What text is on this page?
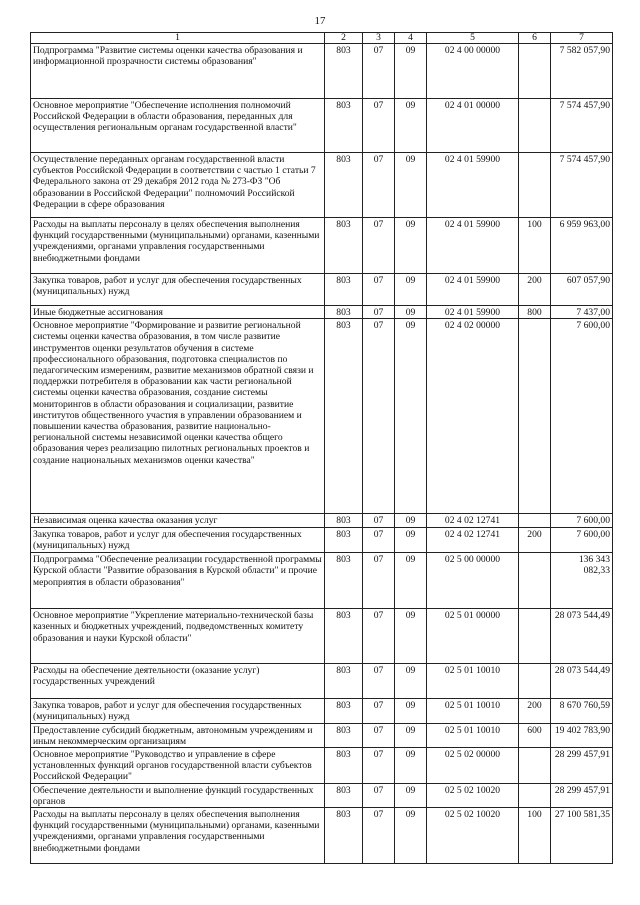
17
1	2	3	4	5	6	7
Подпрограмма "Развитие системы оценки качества образования и информационной прозрачности системы образования"	803	07	09	02 4 00 00000		7 582 057,90
Основное мероприятие "Обеспечение исполнения полномочий Российской Федерации в области образования, переданных для осуществления региональным органам государственной власти"	803	07	09	02 4 01 00000		7 574 457,90
Осуществление переданных органам государственной власти субъектов Российской Федерации в соответствии с частью 1 статьи 7 Федерального закона от 29 декабря 2012 года № 273-ФЗ "Об образовании в Российской Федерации" полномочий Российской Федерации в сфере образования	803	07	09	02 4 01 59900		7 574 457,90
Расходы на выплаты персоналу в целях обеспечения выполнения функций государственными (муниципальными) органами, казенными учреждениями, органами управления государственными внебюджетными фондами	803	07	09	02 4 01 59900	100	6 959 963,00
Закупка товаров, работ и услуг для обеспечения государственных (муниципальных) нужд	803	07	09	02 4 01 59900	200	607 057,90
Иные бюджетные ассигнования	803	07	09	02 4 01 59900	800	7 437,00
Основное мероприятие "Формирование и развитие региональной системы оценки качества образования, в том числе развитие инструментов оценки результатов обучения в системе профессионального образования, подготовка специалистов по педагогическим измерениям, развитие механизмов обратной связи и поддержки потребителя в образовании как части региональной системы оценки качества образования, создание системы мониторингов в области образования и социализации, развитие институтов общественного участия в управлении образованием и повышении качества образования, развитие национально-региональной системы независимой оценки качества общего образования через реализацию пилотных региональных проектов и создание национальных механизмов оценки качества"	803	07	09	02 4 02 00000		7 600,00
Независимая оценка качества оказания услуг	803	07	09	02 4 02 12741		7 600,00
Закупка товаров, работ и услуг для обеспечения государственных (муниципальных) нужд	803	07	09	02 4 02 12741	200	7 600,00
Подпрограмма "Обеспечение реализации государственной программы Курской области "Развитие образования в Курской области" и прочие мероприятия в области образования"	803	07	09	02 5 00 00000		136 343 082,33
Основное мероприятие "Укрепление материально-технической базы казенных и бюджетных учреждений, подведомственных комитету образования и науки Курской области"	803	07	09	02 5 01 00000		28 073 544,49
Расходы на обеспечение деятельности (оказание услуг) государственных учреждений	803	07	09	02 5 01 10010		28 073 544,49
Закупка товаров, работ и услуг для обеспечения государственных (муниципальных) нужд	803	07	09	02 5 01 10010	200	8 670 760,59
Предоставление субсидий бюджетным, автономным учреждениям и иным некоммерческим организациям	803	07	09	02 5 01 10010	600	19 402 783,90
Основное мероприятие "Руководство и управление в сфере установленных функций органов государственной власти субъектов Российской Федерации"	803	07	09	02 5 02 00000		28 299 457,91
Обеспечение деятельности и выполнение функций государственных органов	803	07	09	02 5 02 10020		28 299 457,91
Расходы на выплаты персоналу в целях обеспечения выполнения функций государственными (муниципальными) органами, казенными учреждениями, органами управления государственными внебюджетными фондами	803	07	09	02 5 02 10020	100	27 100 581,35
